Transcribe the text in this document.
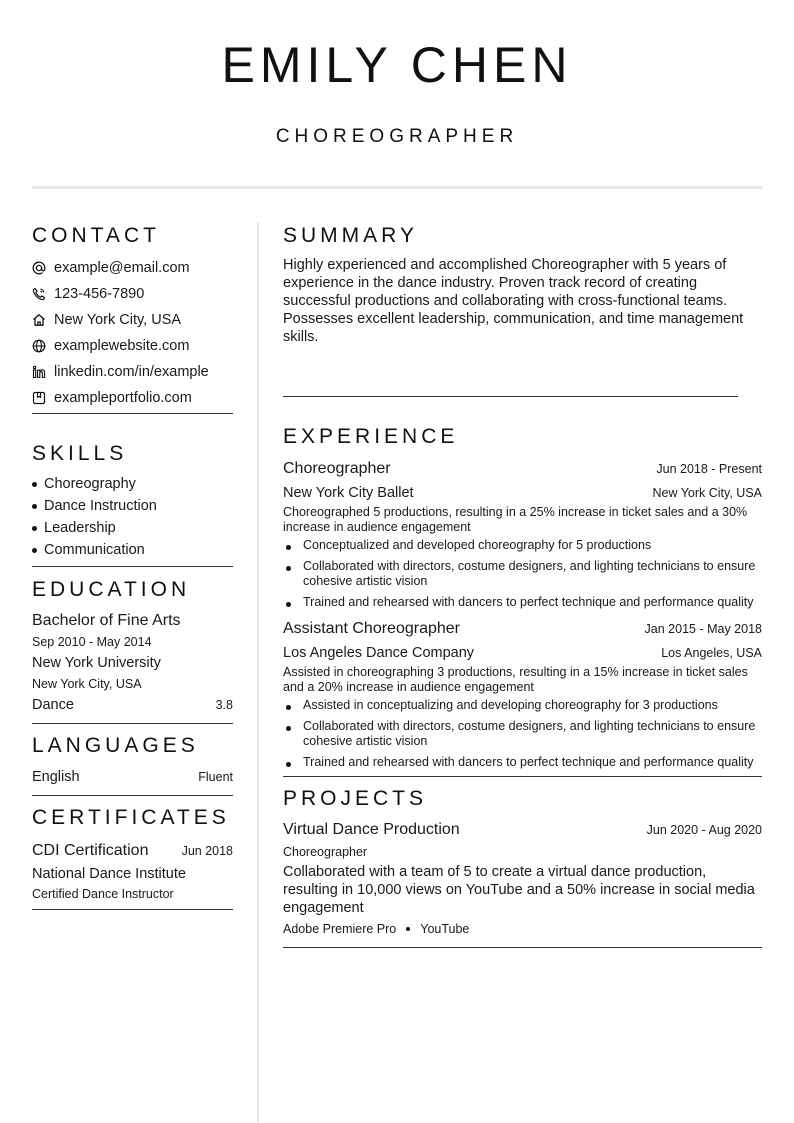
EMILY CHEN
CHOREOGRAPHER
CONTACT
example@email.com
123-456-7890
New York City, USA
examplewebsite.com
linkedin.com/in/example
exampleportfolio.com
SKILLS
Choreography
Dance Instruction
Leadership
Communication
EDUCATION
Bachelor of Fine Arts
Sep 2010 - May 2014
New York University
New York City, USA
Dance	3.8
LANGUAGES
English	Fluent
CERTIFICATES
CDI Certification	Jun 2018
National Dance Institute
Certified Dance Instructor
SUMMARY
Highly experienced and accomplished Choreographer with 5 years of experience in the dance industry. Proven track record of creating successful productions and collaborating with cross-functional teams. Possesses excellent leadership, communication, and time management skills.
EXPERIENCE
Choreographer	Jun 2018 - Present
New York City Ballet	New York City, USA
Choreographed 5 productions, resulting in a 25% increase in ticket sales and a 30% increase in audience engagement
Conceptualized and developed choreography for 5 productions
Collaborated with directors, costume designers, and lighting technicians to ensure cohesive artistic vision
Trained and rehearsed with dancers to perfect technique and performance quality
Assistant Choreographer	Jan 2015 - May 2018
Los Angeles Dance Company	Los Angeles, USA
Assisted in choreographing 3 productions, resulting in a 15% increase in ticket sales and a 20% increase in audience engagement
Assisted in conceptualizing and developing choreography for 3 productions
Collaborated with directors, costume designers, and lighting technicians to ensure cohesive artistic vision
Trained and rehearsed with dancers to perfect technique and performance quality
PROJECTS
Virtual Dance Production	Jun 2020 - Aug 2020
Choreographer
Collaborated with a team of 5 to create a virtual dance production, resulting in 10,000 views on YouTube and a 50% increase in social media engagement
Adobe Premiere Pro YouTube
